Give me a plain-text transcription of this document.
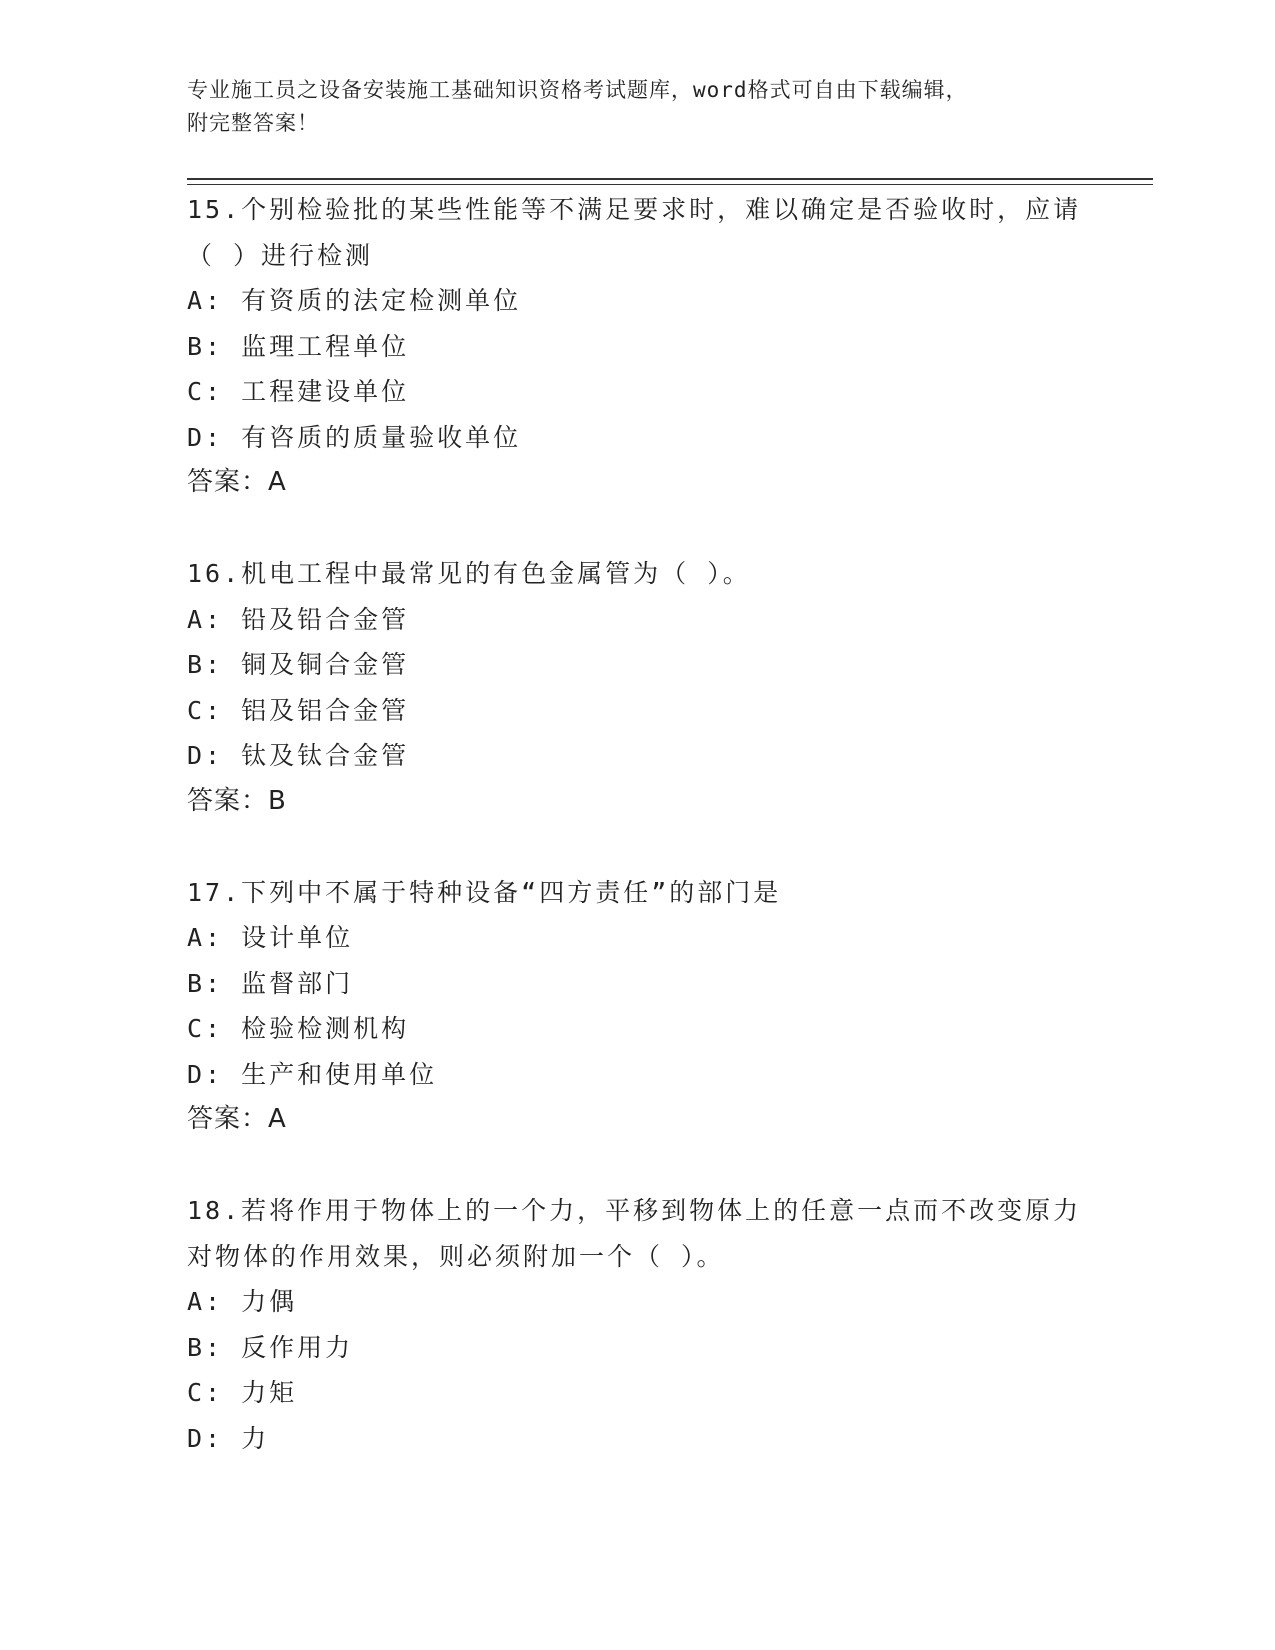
专业施工员之设备安装施工基础知识资格考试题库，word格式可自由下载编辑，
附完整答案！
15.个别检验批的某些性能等不满足要求时，难以确定是否验收时，应请（ ）进行检测
A: 有资质的法定检测单位
B: 监理工程单位
C: 工程建设单位
D: 有咨质的质量验收单位
答案：A
16.机电工程中最常见的有色金属管为（ ）。
A: 铅及铅合金管
B: 铜及铜合金管
C: 铝及铝合金管
D: 钛及钛合金管
答案：B
17.下列中不属于特种设备“四方责任”的部门是
A: 设计单位
B: 监督部门
C: 检验检测机构
D: 生产和使用单位
答案：A
18.若将作用于物体上的一个力，平移到物体上的任意一点而不改变原力对物体的作用效果，则必须附加一个（ ）。
A: 力偶
B: 反作用力
C: 力矩
D: 力
